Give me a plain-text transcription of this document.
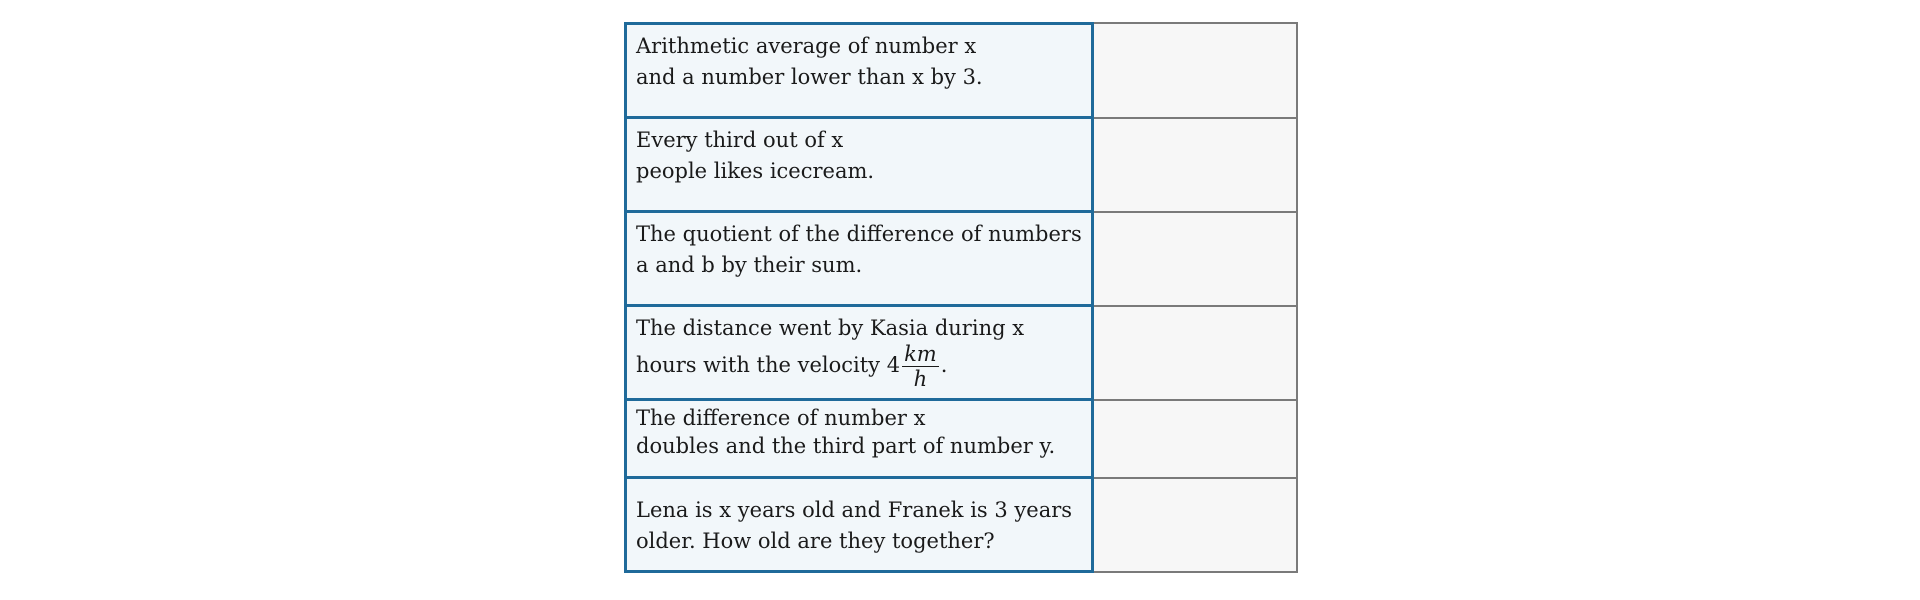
Arithmetic average of number x
and a number lower than x by 3.
Every third out of x
people likes icecream.
The quotient of the difference of numbers
a and b by their sum.
The distance went by Kasia during x
hours with the velocity $4 \frac{km}{h}$ .
The difference of number x
doubles and the third part of number y.
Lena is x years old and Franek is 3 years
older. How old are they together?
